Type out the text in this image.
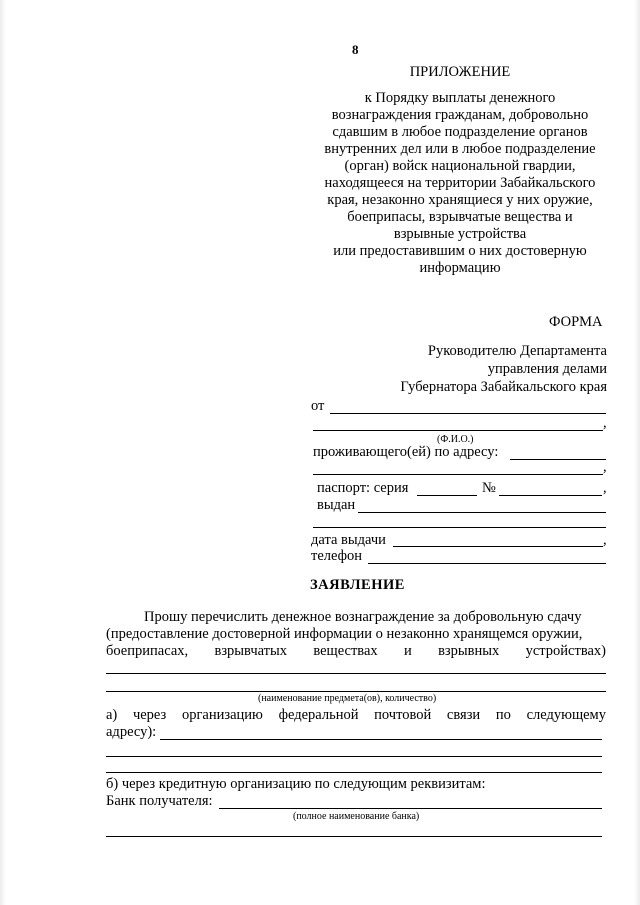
8
ПРИЛОЖЕНИЕ
к Порядку выплаты денежного
вознаграждения гражданам, добровольно
сдавшим в любое подразделение органов
внутренних дел или в любое подразделение
(орган) войск национальной гвардии,
находящееся на территории Забайкальского
края, незаконно хранящиеся у них оружие,
боеприпасы, взрывчатые вещества и
взрывные устройства
или предоставившим о них достоверную
информацию
ФОРМА
Руководителю Департамента
управления делами
Губернатора Забайкальского края
от
,
(Ф.И.О.)
проживающего(ей) по адресу:
,
паспорт: серия	№	,
выдан
дата выдачи	,
телефон
ЗАЯВЛЕНИЕ
Прошу перечислить денежное вознаграждение за добровольную сдачу
(предоставление достоверной информации о незаконно хранящемся оружии,
боеприпасах, взрывчатых веществах и взрывных устройствах)
(наименование предмета(ов), количество)
а) через организацию федеральной почтовой связи по следующему
адресу):
б) через кредитную организацию по следующим реквизитам:
Банк получателя:
(полное наименование банка)
